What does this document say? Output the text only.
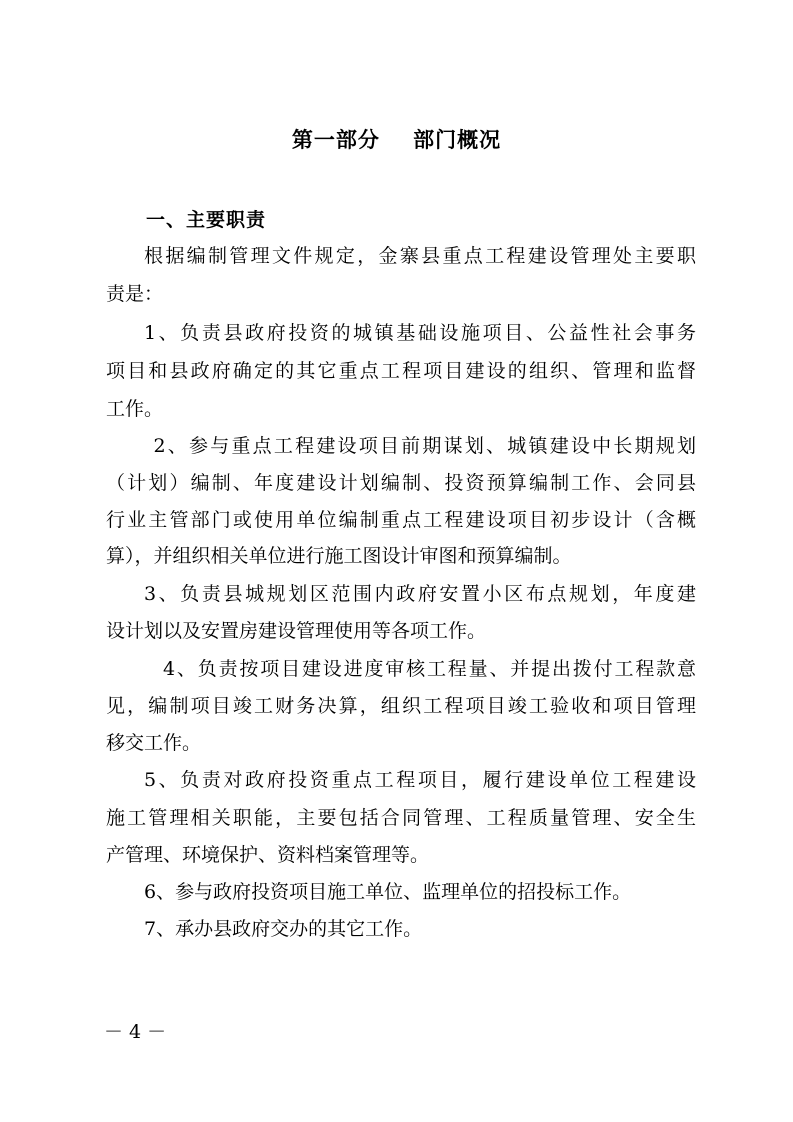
第一部分    部门概况
一、主要职责
根据编制管理文件规定，金寨县重点工程建设管理处主要职
责是：
1、负责县政府投资的城镇基础设施项目、公益性社会事务
项目和县政府确定的其它重点工程项目建设的组织、管理和监督
工作。
2、参与重点工程建设项目前期谋划、城镇建设中长期规划
（计划）编制、年度建设计划编制、投资预算编制工作、会同县
行业主管部门或使用单位编制重点工程建设项目初步设计（含概
算），并组织相关单位进行施工图设计审图和预算编制。
3、负责县城规划区范围内政府安置小区布点规划，年度建
设计划以及安置房建设管理使用等各项工作。
4、负责按项目建设进度审核工程量、并提出拨付工程款意
见，编制项目竣工财务决算，组织工程项目竣工验收和项目管理
移交工作。
5、负责对政府投资重点工程项目，履行建设单位工程建设
施工管理相关职能，主要包括合同管理、工程质量管理、安全生
产管理、环境保护、资料档案管理等。
6、参与政府投资项目施工单位、监理单位的招投标工作。
7、承办县政府交办的其它工作。
－ 4 －
